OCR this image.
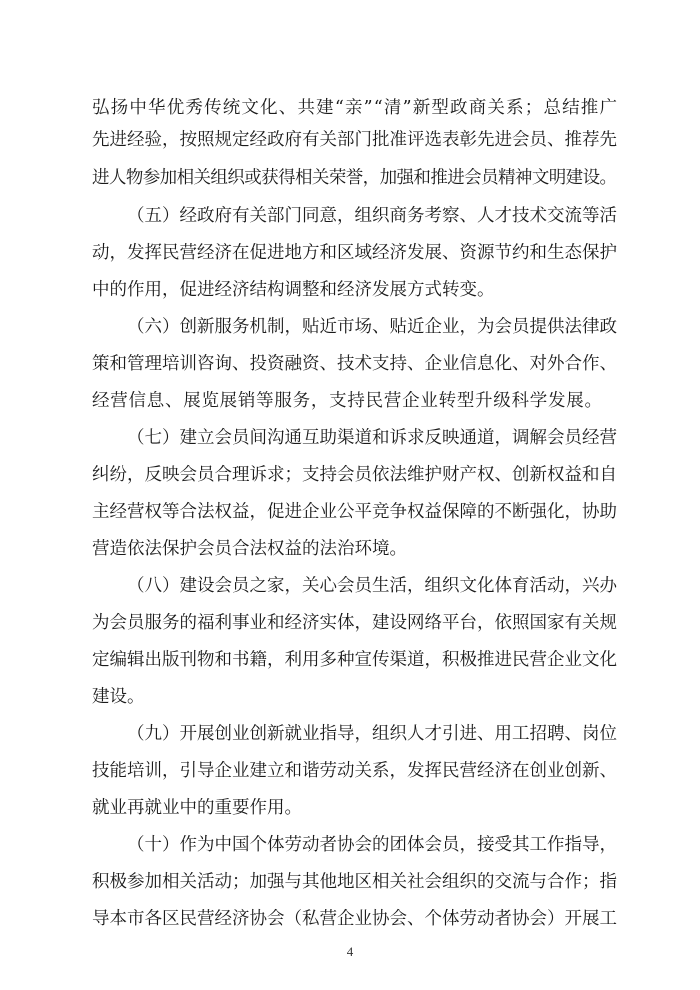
弘扬中华优秀传统文化、共建“亲”“清”新型政商关系；总结推广
先进经验，按照规定经政府有关部门批准评选表彰先进会员、推荐先
进人物参加相关组织或获得相关荣誉，加强和推进会员精神文明建设。
（五）经政府有关部门同意，组织商务考察、人才技术交流等活
动，发挥民营经济在促进地方和区域经济发展、资源节约和生态保护
中的作用，促进经济结构调整和经济发展方式转变。
（六）创新服务机制，贴近市场、贴近企业，为会员提供法律政
策和管理培训咨询、投资融资、技术支持、企业信息化、对外合作、
经营信息、展览展销等服务，支持民营企业转型升级科学发展。
（七）建立会员间沟通互助渠道和诉求反映通道，调解会员经营
纠纷，反映会员合理诉求；支持会员依法维护财产权、创新权益和自
主经营权等合法权益，促进企业公平竞争权益保障的不断强化，协助
营造依法保护会员合法权益的法治环境。
（八）建设会员之家，关心会员生活，组织文化体育活动，兴办
为会员服务的福利事业和经济实体，建设网络平台，依照国家有关规
定编辑出版刊物和书籍，利用多种宣传渠道，积极推进民营企业文化
建设。
（九）开展创业创新就业指导，组织人才引进、用工招聘、岗位
技能培训，引导企业建立和谐劳动关系，发挥民营经济在创业创新、
就业再就业中的重要作用。
（十）作为中国个体劳动者协会的团体会员，接受其工作指导，
积极参加相关活动；加强与其他地区相关社会组织的交流与合作；指
导本市各区民营经济协会（私营企业协会、个体劳动者协会）开展工
4
